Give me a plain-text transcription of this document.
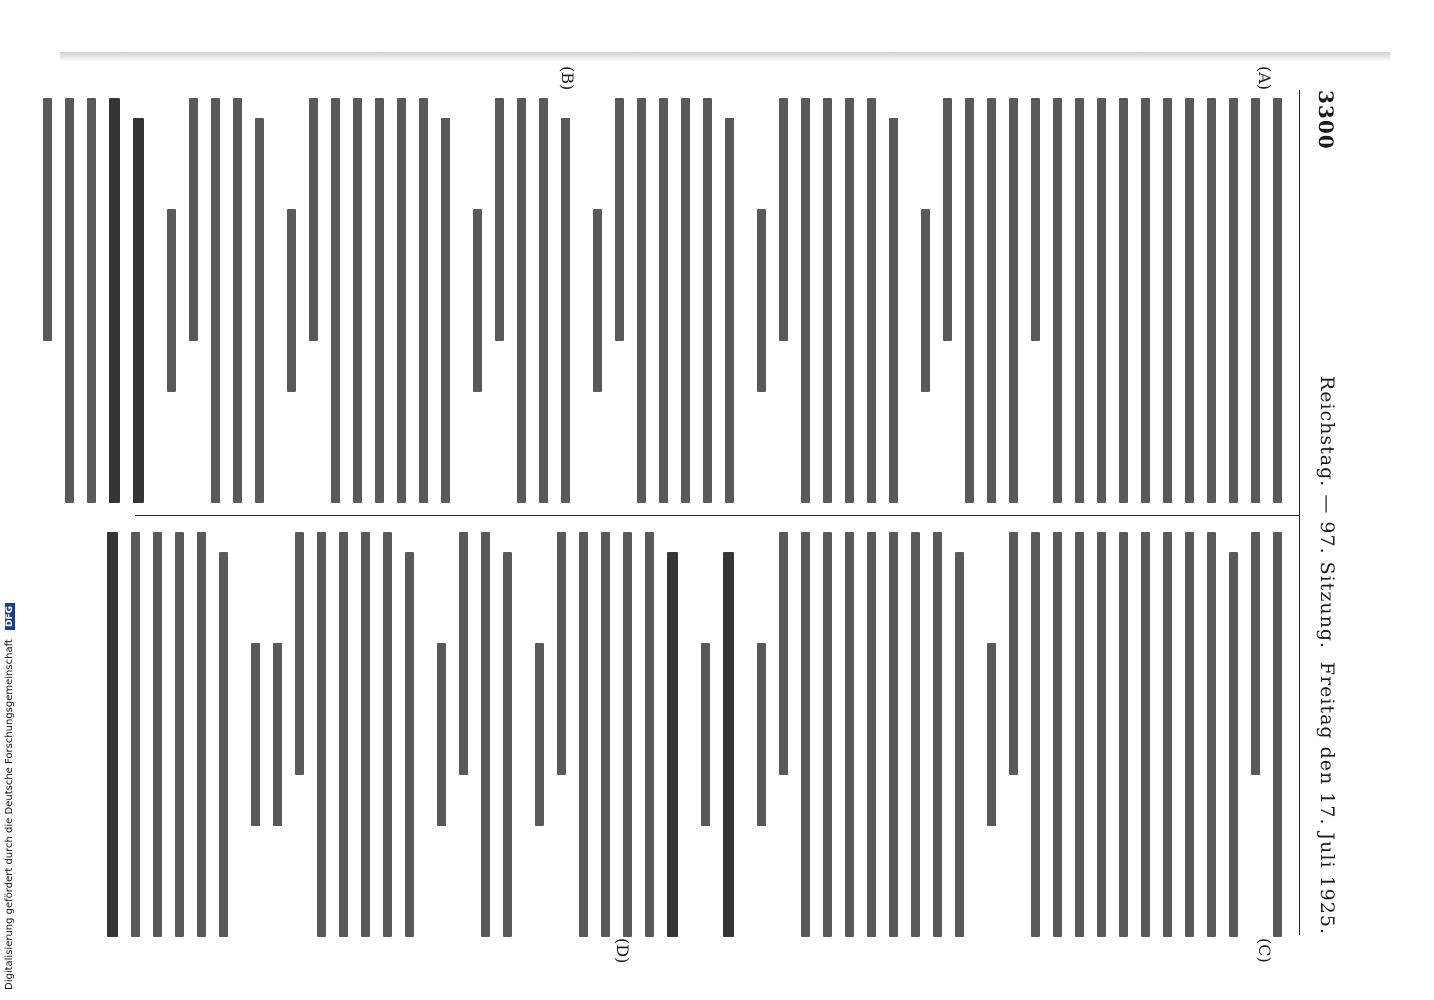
3300
Reichstag. — 97. Sitzung.
Freitag den 17. Juli 1925.
(A)
(B)
(C)
(D)
Digitalisierung gefördert durch die Deutsche Forschungsgemeinschaft DFG
